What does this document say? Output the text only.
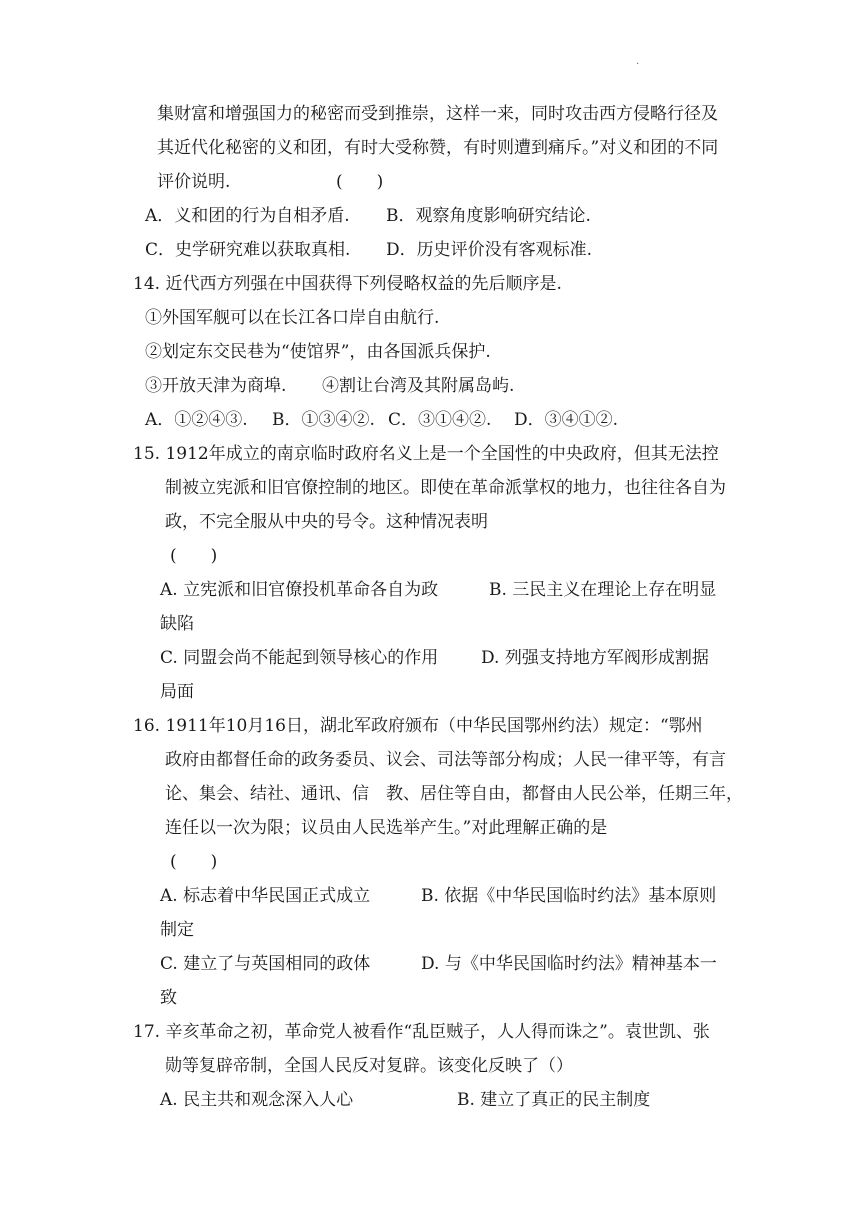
.
集财富和增强国力的秘密而受到推崇，这样一来，同时攻击西方侵略行径及
其近代化秘密的义和团，有时大受称赞，有时则遭到痛斥。”对义和团的不同
评价说明.	(　　)
A．义和团的行为自相矛盾. B．观察角度影响研究结论.
C．史学研究难以获取真相. D．历史评价没有客观标准.
14. 近代西方列强在中国获得下列侵略权益的先后顺序是.
①外国军舰可以在长江各口岸自由航行.
②划定东交民巷为“使馆界”，由各国派兵保护.
③开放天津为商埠. ④割让台湾及其附属岛屿.
A．①②④③. B．①③④②. C．③①④②. D．③④①②.
15. 1912年成立的南京临时政府名义上是一个全国性的中央政府，但其无法控
制被立宪派和旧官僚控制的地区。即使在革命派掌权的地力，也往往各自为
政，不完全服从中央的号令。这种情况表明
(　　)
A. 立宪派和旧官僚投机革命各自为政	B. 三民主义在理论上存在明显
缺陷
C. 同盟会尚不能起到领导核心的作用	D. 列强支持地方军阀形成割据
局面
16. 1911年10月16日，湖北军政府颁布（中华民国鄂州约法）规定：“鄂州
政府由都督任命的政务委员、议会、司法等部分构成；人民一律平等，有言
论、集会、结社、通讯、信　教、居住等自由，都督由人民公举，任期三年，
连任以一次为限；议员由人民选举产生。”对此理解正确的是
(　　)
A. 标志着中华民国正式成立	B. 依据《中华民国临时约法》基本原则
制定
C. 建立了与英国相同的政体	D. 与《中华民国临时约法》精神基本一
致
17. 辛亥革命之初，革命党人被看作“乱臣贼子，人人得而诛之”。袁世凯、张
勋等复辟帝制，全国人民反对复辟。该变化反映了（）
A. 民主共和观念深入人心	B. 建立了真正的民主制度
